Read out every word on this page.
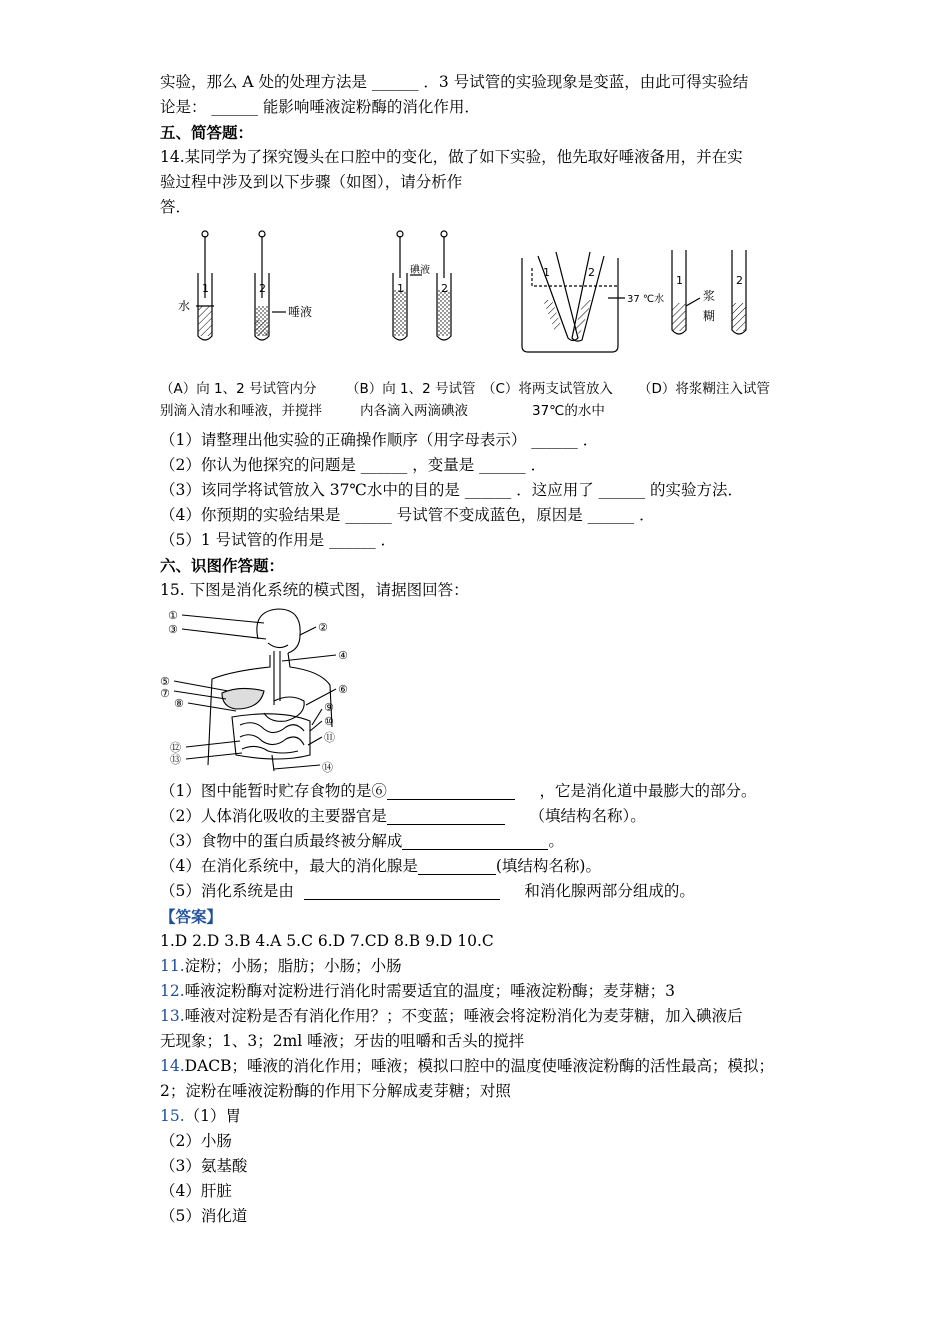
实验，那么 A 处的处理方法是 ______ ．3 号试管的实验现象是变蓝，由此可得实验结
论是： ______ 能影响唾液淀粉酶的消化作用．
五、简答题：
14.某同学为了探究馒头在口腔中的变化，做了如下实验，他先取好唾液备用，并在实
验过程中涉及到以下步骤（如图），请分析作
答．
1	2	1	2
1	2
1	2
水	唾液
碘液
37 ℃水	浆
糊
（A）向 1、2 号试管内分
别滴入清水和唾液，并搅拌
（B）向 1、2 号试管
内各滴入两滴碘液
（C）将两支试管放入
37℃的水中
（D）将浆糊注入试管
（1）请整理出他实验的正确操作顺序（用字母表示） ______ ．
（2）你认为他探究的问题是 ______ ，变量是 ______ ．
（3）该同学将试管放入 37℃水中的目的是 ______ ．这应用了 ______ 的实验方法．
（4）你预期的实验结果是 ______ 号试管不变成蓝色，原因是 ______ ．
（5）1 号试管的作用是 ______ ．
六、识图作答题：
15. 下图是消化系统的模式图，请据图回答：
①
②
③
④
⑤
⑥
⑦
⑧	⑨
⑩
⑪
⑫
⑬
⑭
（1）图中能暂时贮存食物的是⑥	，它是消化道中最膨大的部分。
（2）人体消化吸收的主要器官是	（填结构名称）。
（3）食物中的蛋白质最终被分解成	。
（4）在消化系统中，最大的消化腺是	(填结构名称)。
（5）消化系统是由	和消化腺两部分组成的。
【答案】
1.D 2.D 3.B 4.A 5.C 6.D 7.CD 8.B 9.D 10.C
11.淀粉；小肠；脂肪；小肠；小肠
12.唾液淀粉酶对淀粉进行消化时需要适宜的温度；唾液淀粉酶；麦芽糖；3
13.唾液对淀粉是否有消化作用？；不变蓝；唾液会将淀粉消化为麦芽糖，加入碘液后
无现象；1、3；2ml 唾液；牙齿的咀嚼和舌头的搅拌
14.DACB；唾液的消化作用；唾液；模拟口腔中的温度使唾液淀粉酶的活性最高；模拟；
2；淀粉在唾液淀粉酶的作用下分解成麦芽糖；对照
15.（1）胃
（2）小肠
（3）氨基酸
（4）肝脏
（5）消化道
